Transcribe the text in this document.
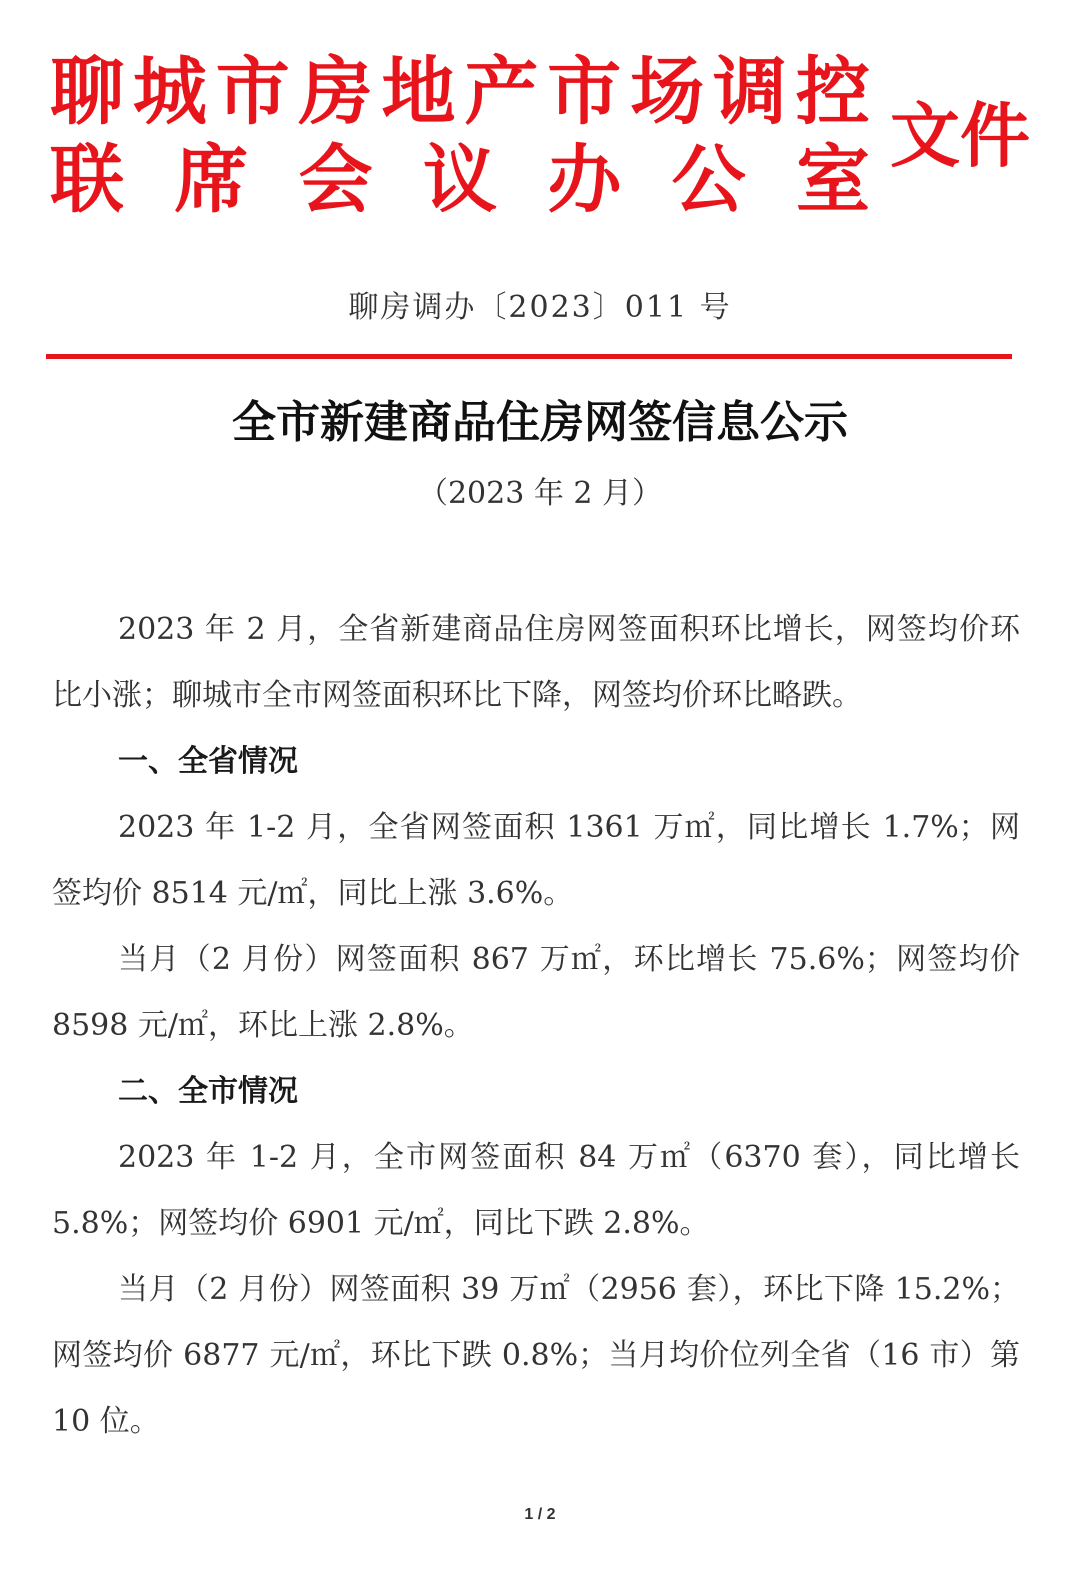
聊 城 市 房 地 产 市 场 调 控
联 席 会 议 办 公 室
文件
聊房调办〔2023〕011 号
全市新建商品住房网签信息公示
（2023 年 2 月）

2023 年 2 月，全省新建商品住房网签面积环比增长，网签均价环比小涨；聊城市全市网签面积环比下降，网签均价环比略跌。

一、全省情况

2023 年 1-2 月，全省网签面积 1361 万㎡，同比增长 1.7%；网签均价 8514 元/㎡，同比上涨 3.6%。

当月（2 月份）网签面积 867 万㎡，环比增长 75.6%；网签均价 8598 元/㎡，环比上涨 2.8%。

二、全市情况

2023 年 1-2 月，全市网签面积 84 万㎡（6370 套），同比增长 5.8%；网签均价 6901 元/㎡，同比下跌 2.8%。

当月（2 月份）网签面积 39 万㎡（2956 套），环比下降 15.2%；网签均价 6877 元/㎡，环比下跌 0.8%；当月均价位列全省（16 市）第 10 位。

1 / 2
